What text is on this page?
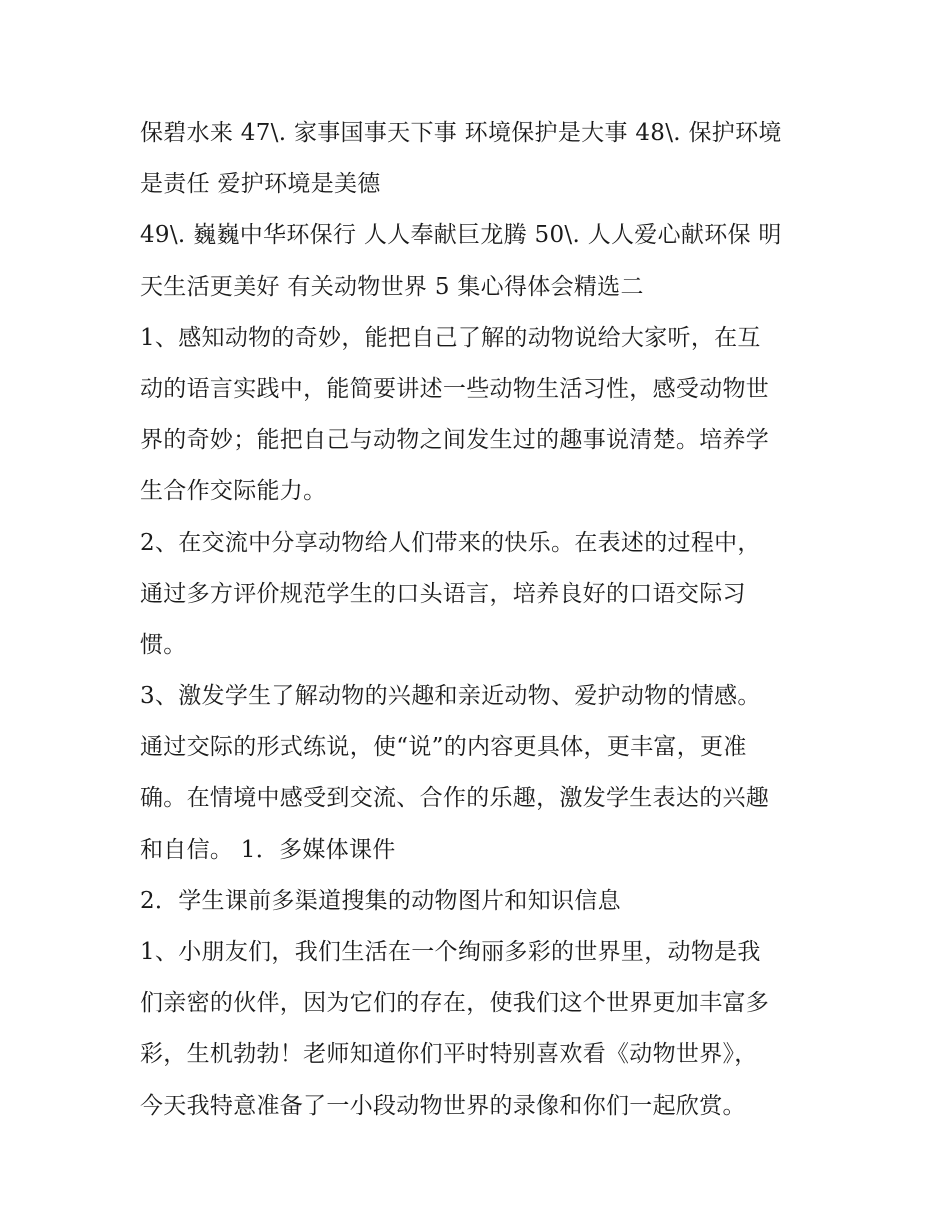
保碧水来 47\. 家事国事天下事 环境保护是大事 48\. 保护环境
是责任 爱护环境是美德
49\. 巍巍中华环保行 人人奉献巨龙腾 50\. 人人爱心献环保 明
天生活更美好 有关动物世界 5 集心得体会精选二
1、感知动物的奇妙，能把自己了解的动物说给大家听，在互
动的语言实践中，能简要讲述一些动物生活习性，感受动物世
界的奇妙；能把自己与动物之间发生过的趣事说清楚。培养学
生合作交际能力。
2、在交流中分享动物给人们带来的快乐。在表述的过程中，
通过多方评价规范学生的口头语言，培养良好的口语交际习
惯。
3、激发学生了解动物的兴趣和亲近动物、爱护动物的情感。
通过交际的形式练说，使“说”的内容更具体，更丰富，更准
确。在情境中感受到交流、合作的乐趣，激发学生表达的兴趣
和自信。 1．多媒体课件
2．学生课前多渠道搜集的动物图片和知识信息
1、小朋友们，我们生活在一个绚丽多彩的世界里，动物是我
们亲密的伙伴，因为它们的存在，使我们这个世界更加丰富多
彩，生机勃勃！老师知道你们平时特别喜欢看《动物世界》，
今天我特意准备了一小段动物世界的录像和你们一起欣赏。
